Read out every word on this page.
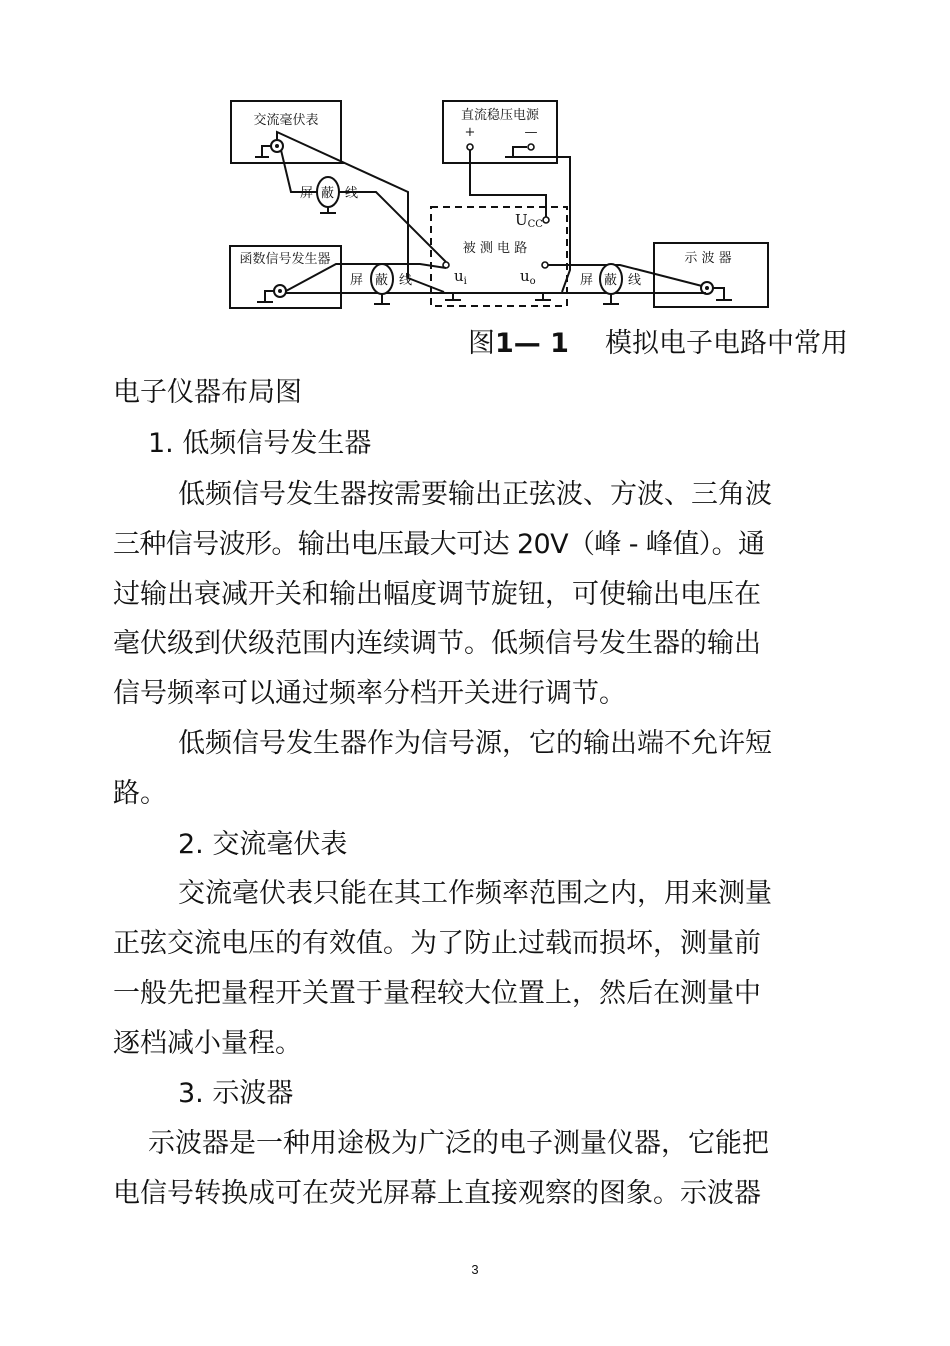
交流毫伏表	直流稳压电源
+	—
函数信号发生器	示 波 器
被 测 电 路
UCC
$u_i$	$u_o$
屏 蔽 线
屏 蔽 线	屏 蔽 线
图1— 1 模拟电子电路中常用
电子仪器布局图
1. 低频信号发生器
低频信号发生器按需要输出正弦波、方波、三角波
三种信号波形。输出电压最大可达 20V（峰 - 峰值）。通
过输出衰减开关和输出幅度调节旋钮，可使输出电压在
毫伏级到伏级范围内连续调节。低频信号发生器的输出
信号频率可以通过频率分档开关进行调节。
低频信号发生器作为信号源，它的输出端不允许短
路。
2. 交流毫伏表
交流毫伏表只能在其工作频率范围之内，用来测量
正弦交流电压的有效值。为了防止过载而损坏，测量前
一般先把量程开关置于量程较大位置上，然后在测量中
逐档减小量程。
3. 示波器
示波器是一种用途极为广泛的电子测量仪器，它能把
电信号转换成可在荧光屏幕上直接观察的图象。示波器
3
